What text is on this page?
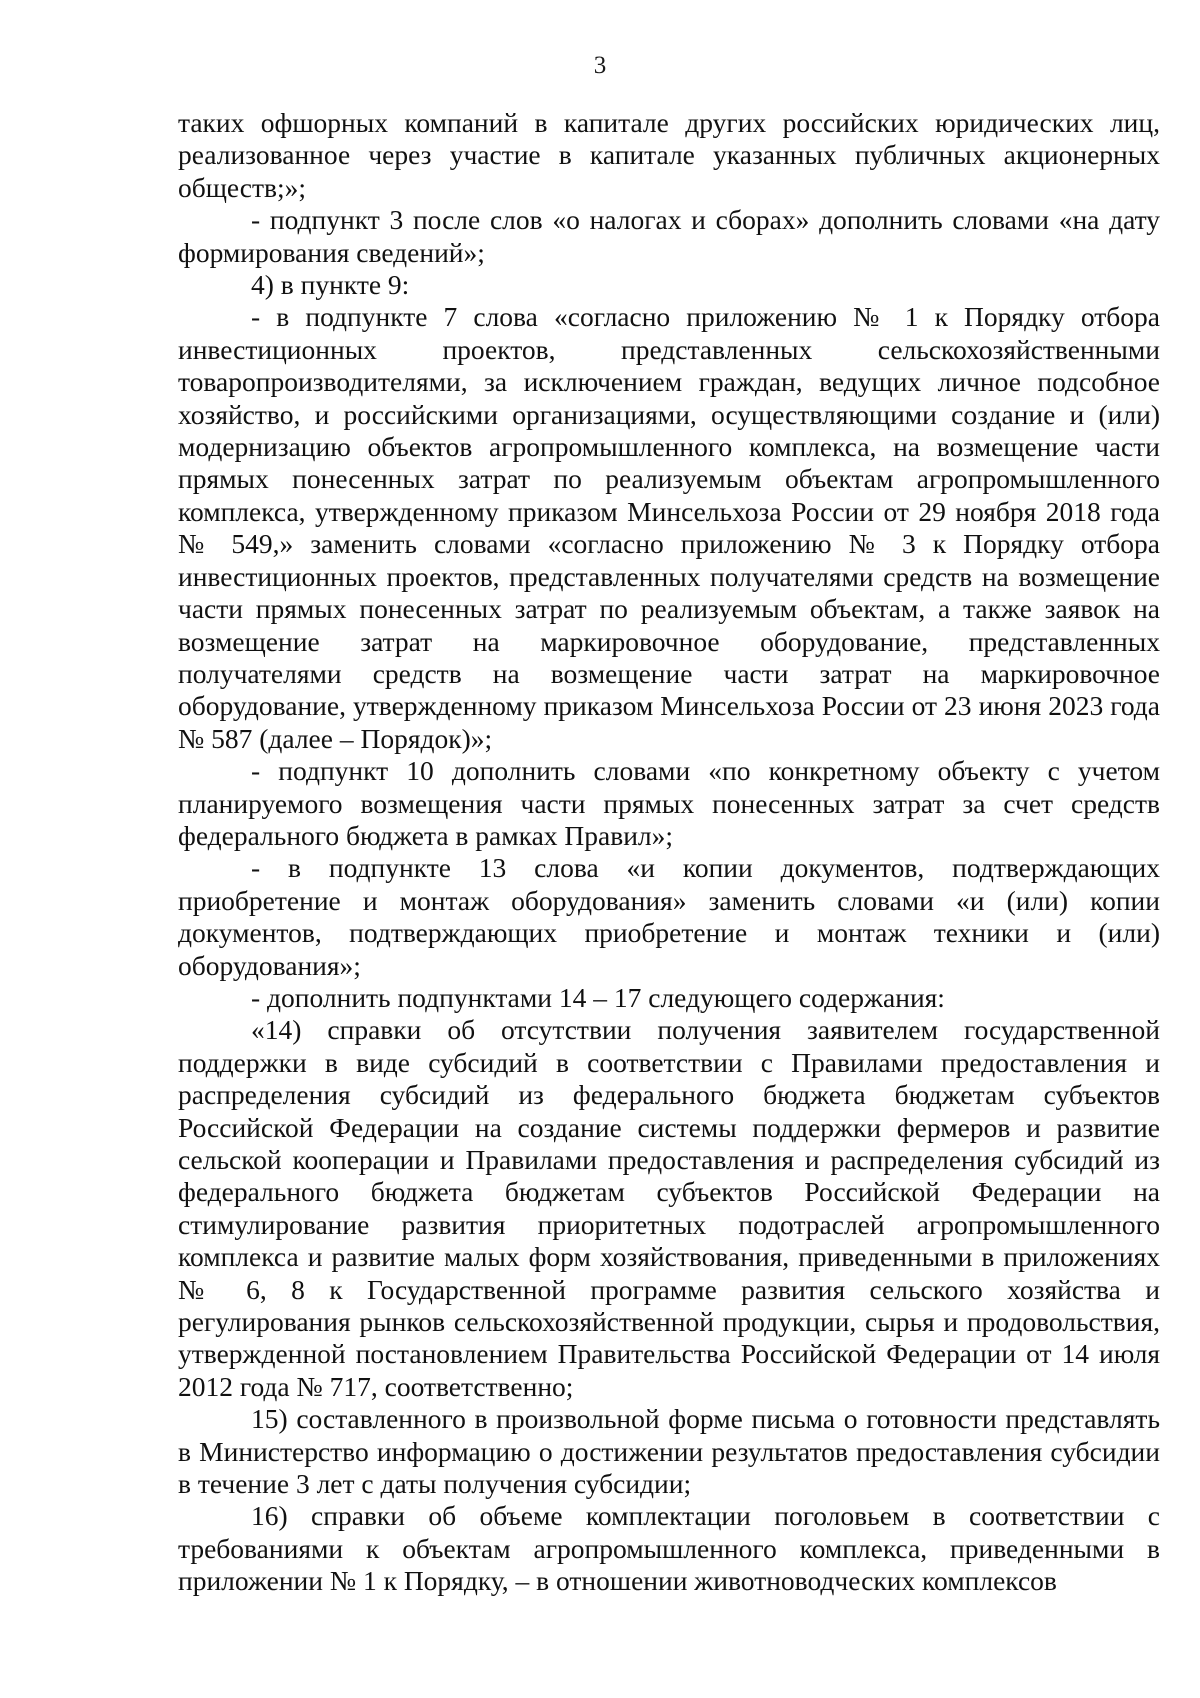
3

таких офшорных компаний в капитале других российских юридических лиц, реализованное через участие в капитале указанных публичных акционерных обществ;»;

- подпункт 3 после слов «о налогах и сборах» дополнить словами «на дату формирования сведений»;

4) в пункте 9:

- в подпункте 7 слова «согласно приложению № 1 к Порядку отбора инвестиционных проектов, представленных сельскохозяйственными товаропроизводителями, за исключением граждан, ведущих личное подсобное хозяйство, и российскими организациями, осуществляющими создание и (или) модернизацию объектов агропромышленного комплекса, на возмещение части прямых понесенных затрат по реализуемым объектам агропромышленного комплекса, утвержденному приказом Минсельхоза России от 29 ноября 2018 года № 549,» заменить словами «согласно приложению № 3 к Порядку отбора инвестиционных проектов, представленных получателями средств на возмещение части прямых понесенных затрат по реализуемым объектам, а также заявок на возмещение затрат на маркировочное оборудование, представленных получателями средств на возмещение части затрат на маркировочное оборудование, утвержденному приказом Минсельхоза России от 23 июня 2023 года № 587 (далее – Порядок)»;

- подпункт 10 дополнить словами «по конкретному объекту с учетом планируемого возмещения части прямых понесенных затрат за счет средств федерального бюджета в рамках Правил»;

- в подпункте 13 слова «и копии документов, подтверждающих приобретение и монтаж оборудования» заменить словами «и (или) копии документов, подтверждающих приобретение и монтаж техники и (или) оборудования»;

- дополнить подпунктами 14 – 17 следующего содержания:

«14) справки об отсутствии получения заявителем государственной поддержки в виде субсидий в соответствии с Правилами предоставления и распределения субсидий из федерального бюджета бюджетам субъектов Российской Федерации на создание системы поддержки фермеров и развитие сельской кооперации и Правилами предоставления и распределения субсидий из федерального бюджета бюджетам субъектов Российской Федерации на стимулирование развития приоритетных подотраслей агропромышленного комплекса и развитие малых форм хозяйствования, приведенными в приложениях № 6, 8 к Государственной программе развития сельского хозяйства и регулирования рынков сельскохозяйственной продукции, сырья и продовольствия, утвержденной постановлением Правительства Российской Федерации от 14 июля 2012 года № 717, соответственно;

15) составленного в произвольной форме письма о готовности представлять в Министерство информацию о достижении результатов предоставления субсидии в течение 3 лет с даты получения субсидии;

16) справки об объеме комплектации поголовьем в соответствии с требованиями к объектам агропромышленного комплекса, приведенными в приложении № 1 к Порядку, – в отношении животноводческих комплексов
